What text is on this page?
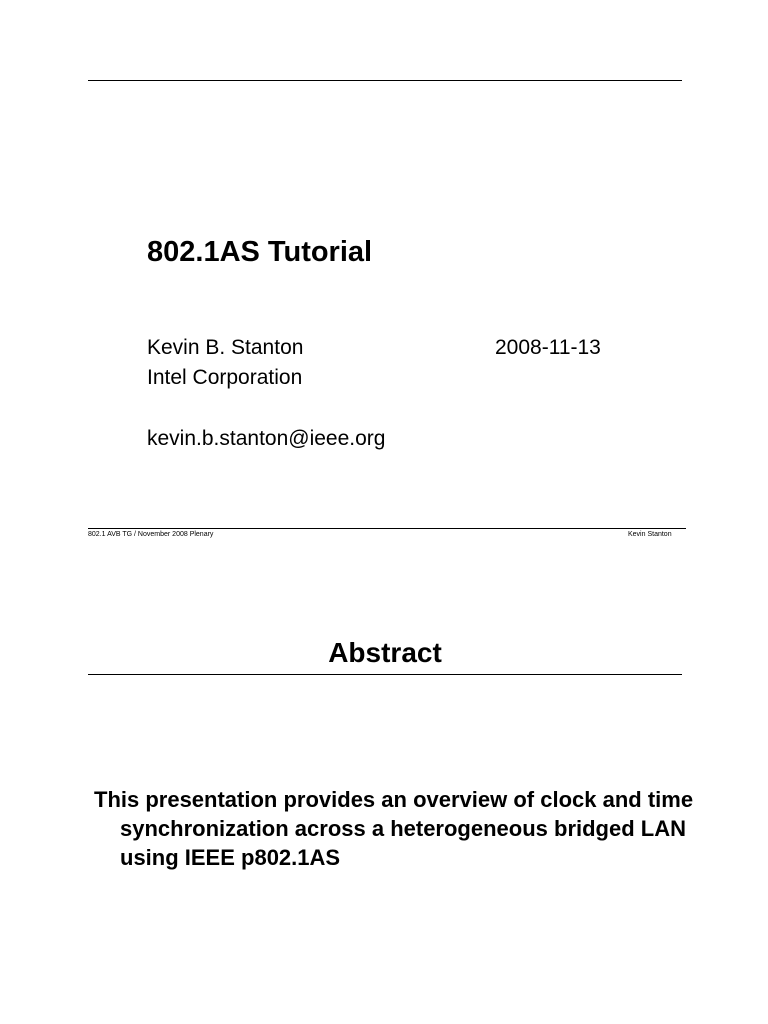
802.1AS Tutorial
Kevin B. Stanton	2008-11-13
Intel Corporation
kevin.b.stanton@ieee.org
802.1 AVB TG / November 2008 Plenary	Kevin Stanton
Abstract
This presentation provides an overview of clock and time synchronization across a heterogeneous bridged LAN using IEEE p802.1AS
